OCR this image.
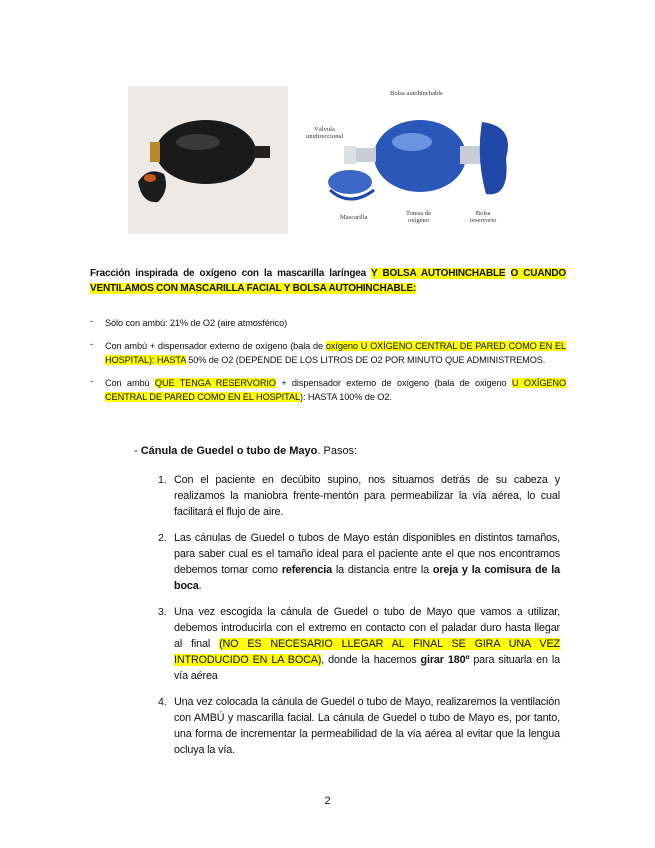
Bolsa autohinchable
Válvula
unidireccional
Mascarilla
Tomas de
oxígeno
Bolsa
reservorio
Fracción inspirada de oxígeno con la mascarilla laríngea Y BOLSA AUTOHINCHABLE O CUANDO
VENTILAMOS CON MASCARILLA FACIAL Y BOLSA AUTOHINCHABLE:
- Sólo con ambú: 21% de O2 (aire atmosférico)
- Con ambú + dispensador externo de oxígeno (bala de oxígeno U OXÍGENO CENTRAL DE PARED COMO EN EL HOSPITAL): HASTA 50% de O2 (DEPENDE DE LOS LITROS DE O2 POR MINUTO QUE ADMINISTREMOS.
- Con ambú QUE TENGA RESERVORIO + dispensador externo de oxígeno (bala de oxigeno U OXÍGENO CENTRAL DE PARED COMO EN EL HOSPITAL): HASTA 100% de O2.
- Cánula de Guedel o tubo de Mayo. Pasos:
1. Con el paciente en decúbito supino, nos situamos detrás de su cabeza y realizamos la maniobra frente-mentón para permeabilizar la vía aérea, lo cual facilitará el flujo de aire.
2. Las cánulas de Guedel o tubos de Mayo están disponibles en distintos tamaños, para saber cual es el tamaño ideal para el paciente ante el que nos encontramos debemos tomar como referencia la distancia entre la oreja y la comisura de la boca.
3. Una vez escogida la cánula de Guedel o tubo de Mayo que vamos a utilizar, debemos introducirla con el extremo en contacto con el paladar duro hasta llegar al final (NO ES NECESARIO LLEGAR AL FINAL SE GIRA UNA VEZ INTRODUCIDO EN LA BOCA), donde la hacemos girar 180º para situarla en la vía aérea
4. Una vez colocada la cánula de Guedel o tubo de Mayo, realizaremos la ventilación con AMBÚ y mascarilla facial. La cánula de Guedel o tubo de Mayo es, por tanto, una forma de incrementar la permeabilidad de la vía aérea al evitar que la lengua ocluya la vía.
2
